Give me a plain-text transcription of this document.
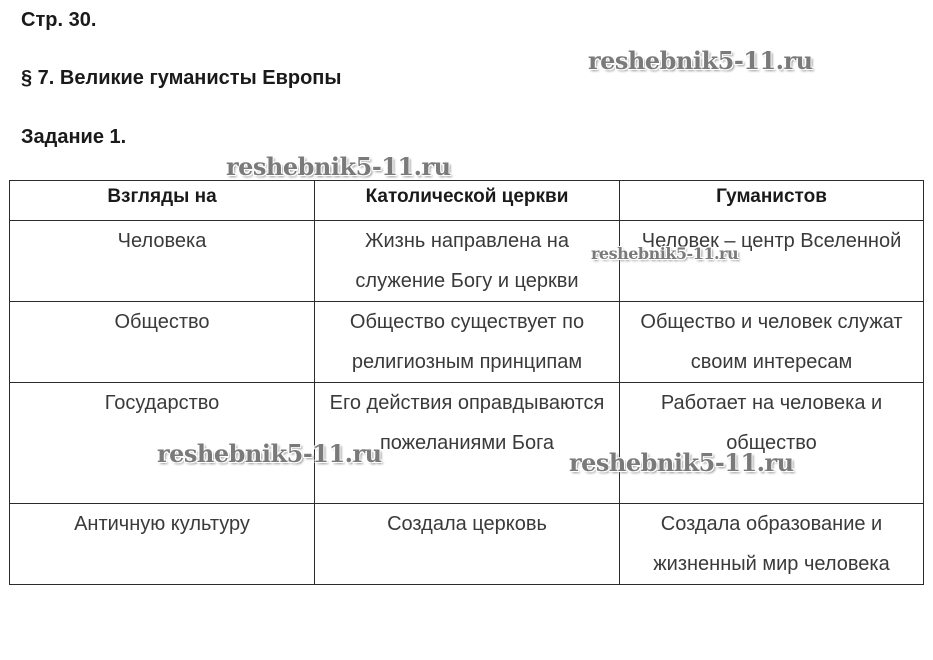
Стр. 30.
§ 7. Великие гуманисты Европы
Задание 1.
reshebnik5-11.ru
reshebnik5-11.ru
reshebnik5-11.ru
reshebnik5-11.ru	reshebnik5-11.ru
Взгляды на	Католической церкви	Гуманистов
Человека	Жизнь направлена на служение Богу и церкви	Человек – центр Вселенной
Общество	Общество существует по религиозным принципам	Общество и человек служат своим интересам
Государство	Его действия оправдываются пожеланиями Бога	Работает на человека и общество
Античную культуру	Создала церковь	Создала образование и жизненный мир человека
